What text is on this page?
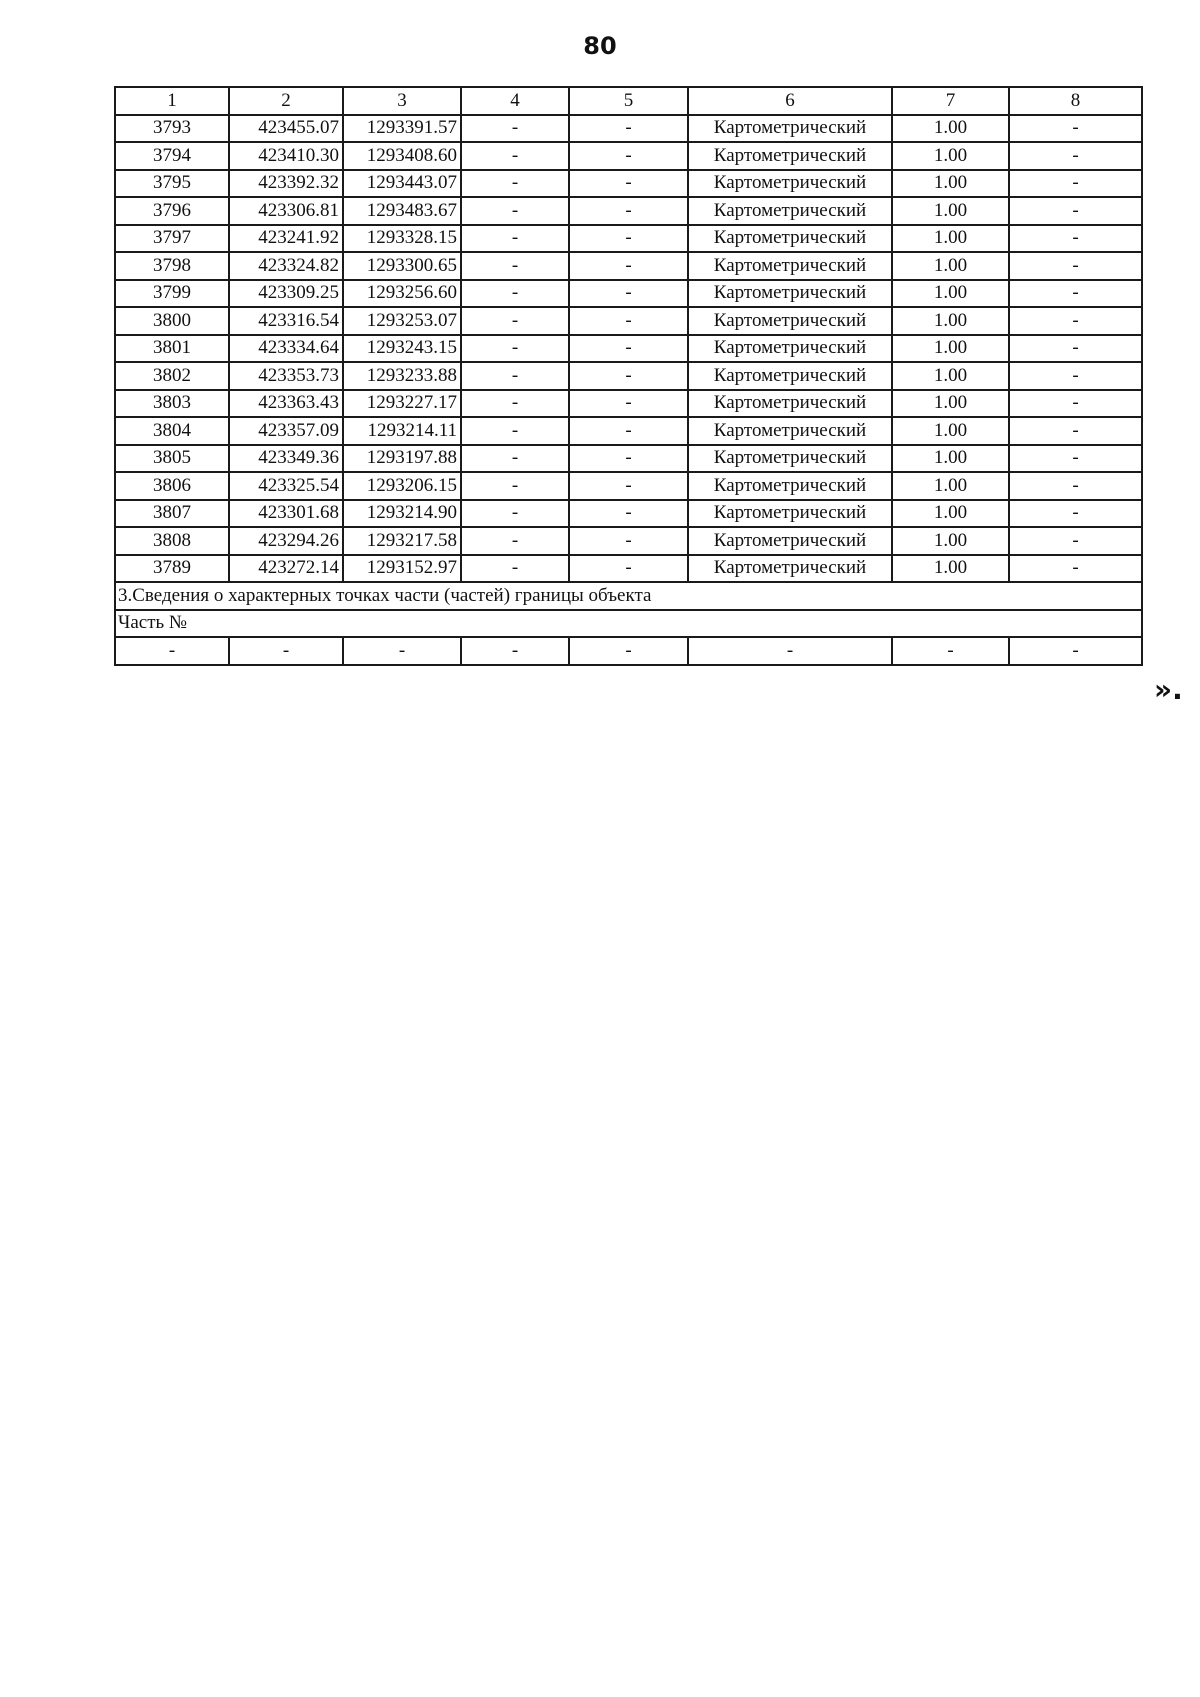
80
1	2	3	4	5	6	7	8
3793	423455.07	1293391.57	-	-	Картометрический	1.00	-
3794	423410.30	1293408.60	-	-	Картометрический	1.00	-
3795	423392.32	1293443.07	-	-	Картометрический	1.00	-
3796	423306.81	1293483.67	-	-	Картометрический	1.00	-
3797	423241.92	1293328.15	-	-	Картометрический	1.00	-
3798	423324.82	1293300.65	-	-	Картометрический	1.00	-
3799	423309.25	1293256.60	-	-	Картометрический	1.00	-
3800	423316.54	1293253.07	-	-	Картометрический	1.00	-
3801	423334.64	1293243.15	-	-	Картометрический	1.00	-
3802	423353.73	1293233.88	-	-	Картометрический	1.00	-
3803	423363.43	1293227.17	-	-	Картометрический	1.00	-
3804	423357.09	1293214.11	-	-	Картометрический	1.00	-
3805	423349.36	1293197.88	-	-	Картометрический	1.00	-
3806	423325.54	1293206.15	-	-	Картометрический	1.00	-
3807	423301.68	1293214.90	-	-	Картометрический	1.00	-
3808	423294.26	1293217.58	-	-	Картометрический	1.00	-
3789	423272.14	1293152.97	-	-	Картометрический	1.00	-
3.Сведения о характерных точках части (частей) границы объекта							
Часть №							
-	-	-	-	-	-	-	-
».
